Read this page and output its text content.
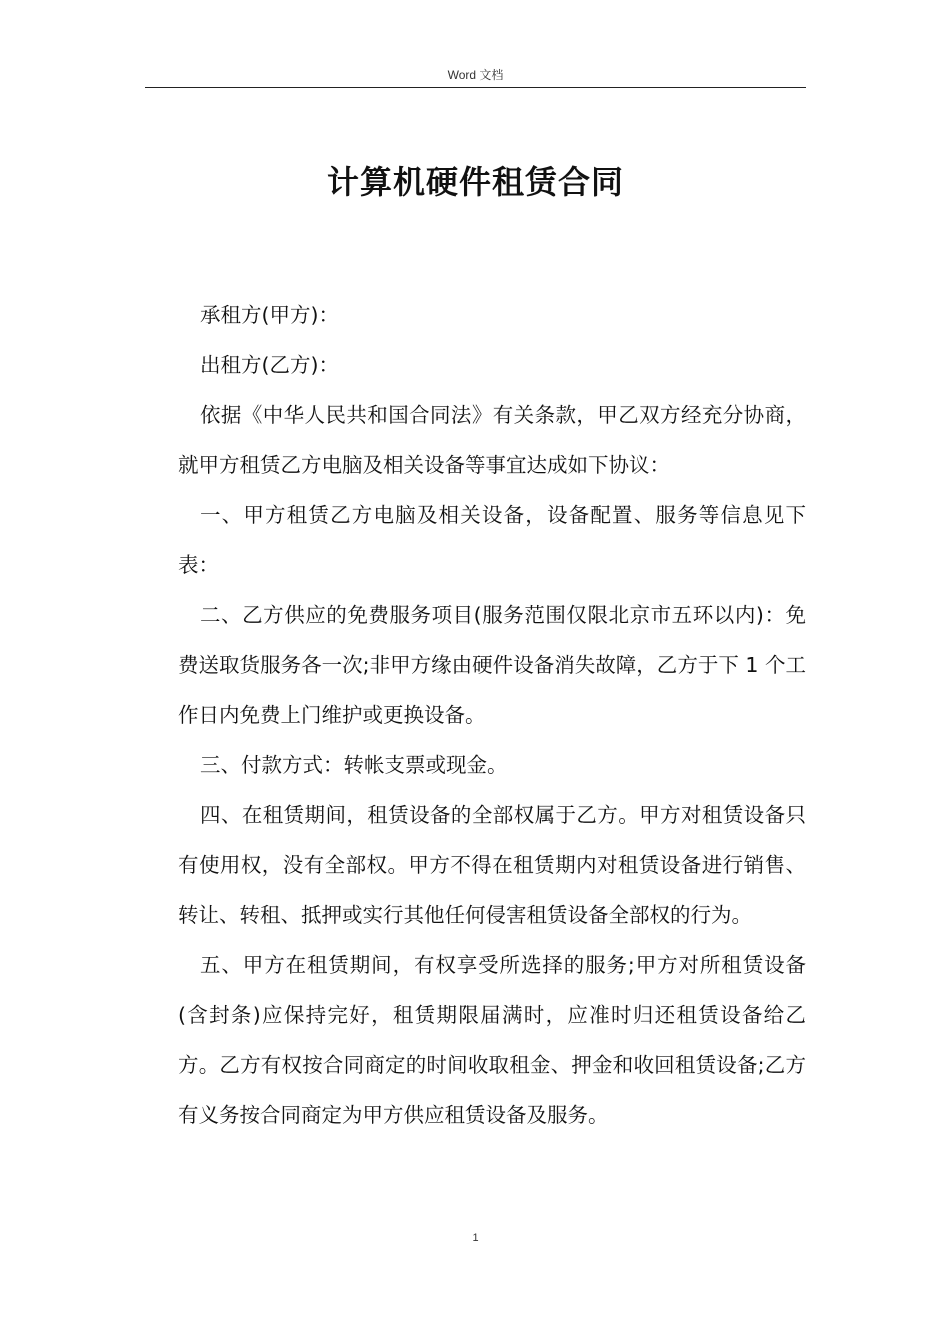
Word 文档
计算机硬件租赁合同

承租方(甲方)：

出租方(乙方)：

依据《中华人民共和国合同法》有关条款，甲乙双方经充分协商，就甲方租赁乙方电脑及相关设备等事宜达成如下协议：

一、甲方租赁乙方电脑及相关设备，设备配置、服务等信息见下表：

二、乙方供应的免费服务项目(服务范围仅限北京市五环以内)：免费送取货服务各一次;非甲方缘由硬件设备消失故障，乙方于下 1 个工作日内免费上门维护或更换设备。

三、付款方式：转帐支票或现金。

四、在租赁期间，租赁设备的全部权属于乙方。甲方对租赁设备只有使用权，没有全部权。甲方不得在租赁期内对租赁设备进行销售、转让、转租、抵押或实行其他任何侵害租赁设备全部权的行为。

五、甲方在租赁期间，有权享受所选择的服务;甲方对所租赁设备(含封条)应保持完好，租赁期限届满时，应准时归还租赁设备给乙方。乙方有权按合同商定的时间收取租金、押金和收回租赁设备;乙方有义务按合同商定为甲方供应租赁设备及服务。

1
